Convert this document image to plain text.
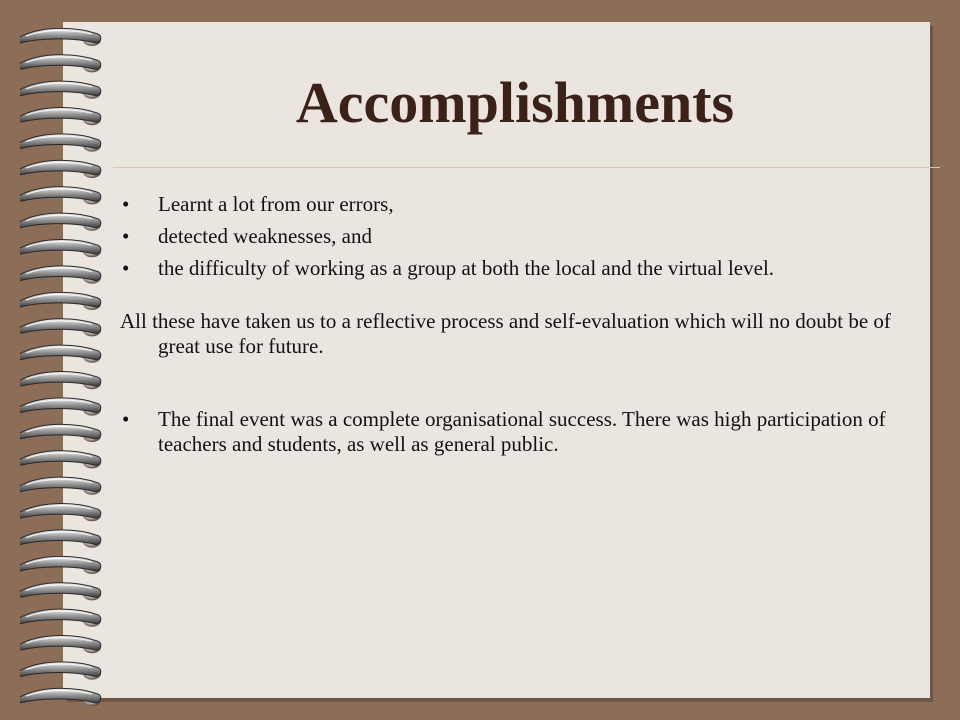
Accomplishments
• Learnt a lot from our errors,
• detected weaknesses, and
• the difficulty of working as a group at both the local and the virtual level.

All these have taken us to a reflective process and self-evaluation which will no doubt be of great use for future.

• The final event was a complete organisational success. There was high participation of teachers and students, as well as general public.
